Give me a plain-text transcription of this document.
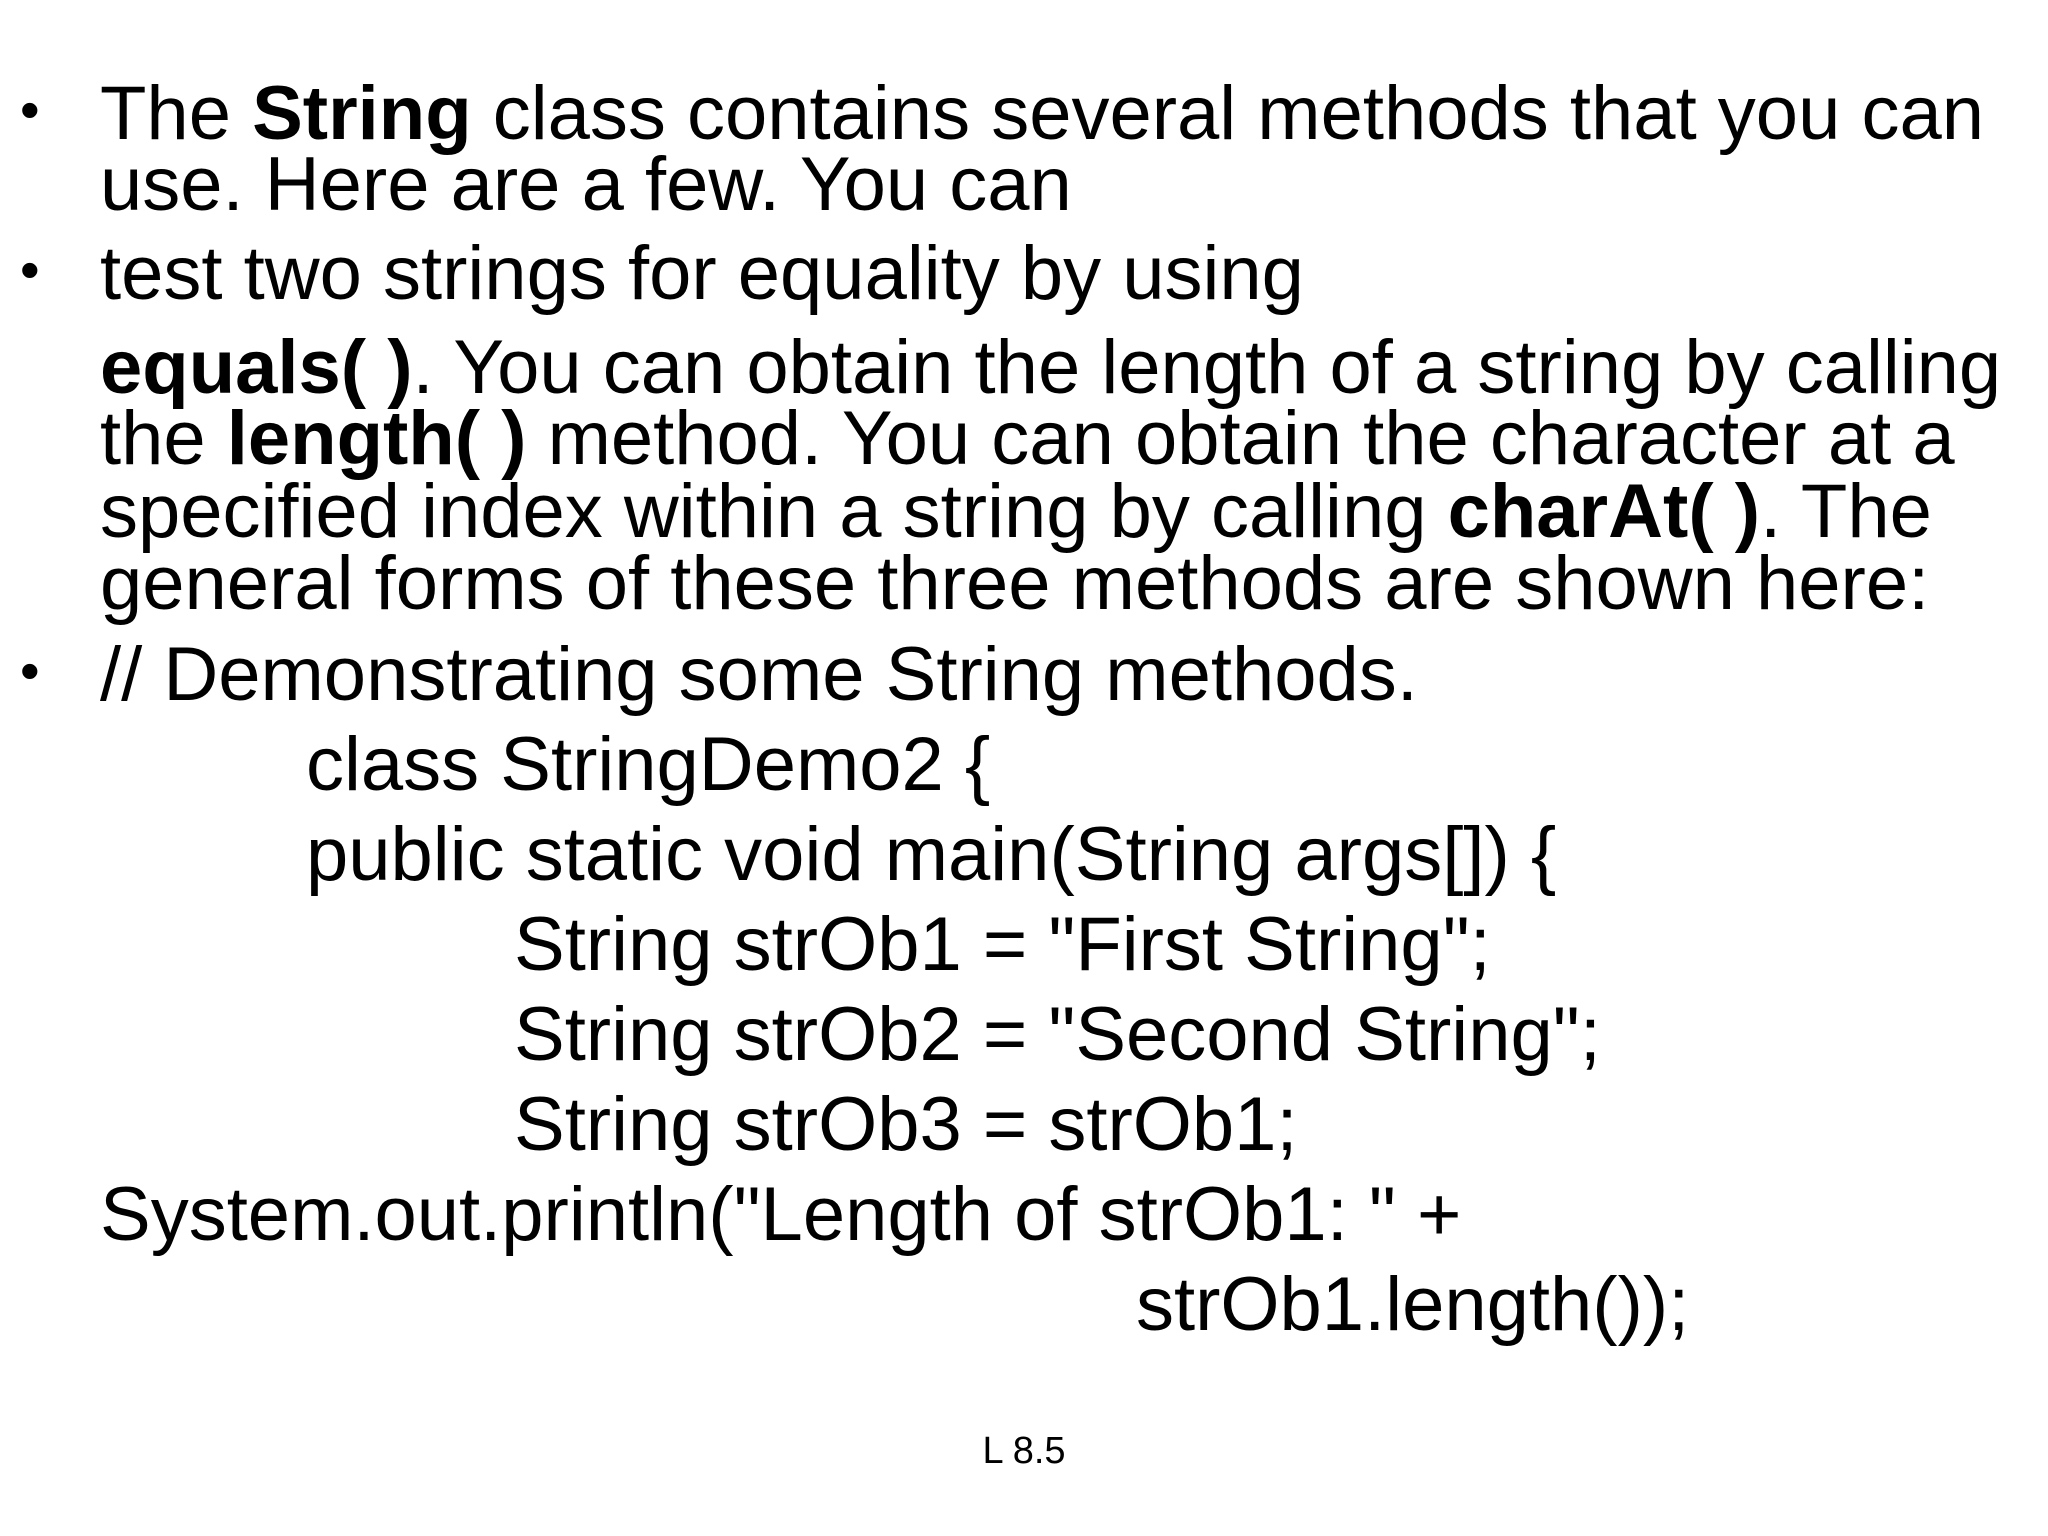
• The String class contains several methods that you can
use. Here are a few. You can
• test two strings for equality by using
equals( ). You can obtain the length of a string by calling
the length( ) method. You can obtain the character at a
specified index within a string by calling charAt( ). The
general forms of these three methods are shown here:
• // Demonstrating some String methods.
class StringDemo2 {
public static void main(String args[]) {
String strOb1 = "First String";
String strOb2 = "Second String";
String strOb3 = strOb1;
System.out.println("Length of strOb1: " +
strOb1.length());
L 8.5
